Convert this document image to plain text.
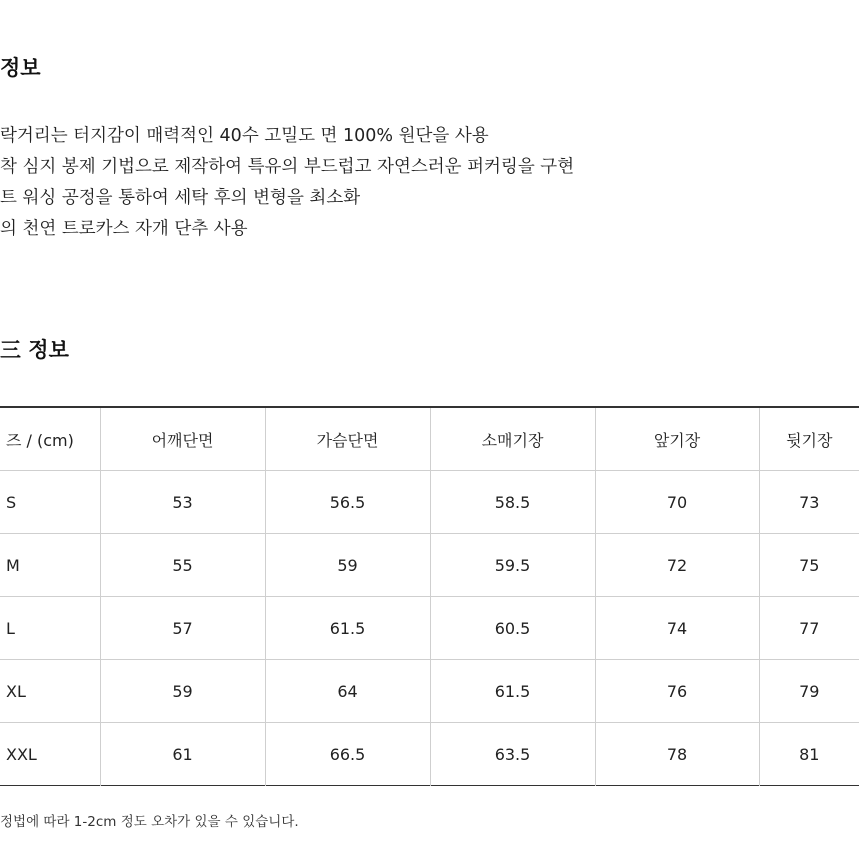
정보
락거리는 터지감이 매력적인 40수 고밀도 면 100% 원단을 사용
착 심지 봉제 기법으로 제작하여 특유의 부드럽고 자연스러운 퍼커링을 구현
트 워싱 공정을 통하여 세탁 후의 변형을 최소화
의 천연 트로카스 자개 단추 사용
三 정보
즈 / (cm)	어깨단면	가슴단면	소매기장	앞기장	뒷기장
S	53	56.5	58.5	70	73
M	55	59	59.5	72	75
L	57	61.5	60.5	74	77
XL	59	64	61.5	76	79
XXL	61	66.5	63.5	78	81

정법에 따라 1-2cm 정도 오차가 있을 수 있습니다.
